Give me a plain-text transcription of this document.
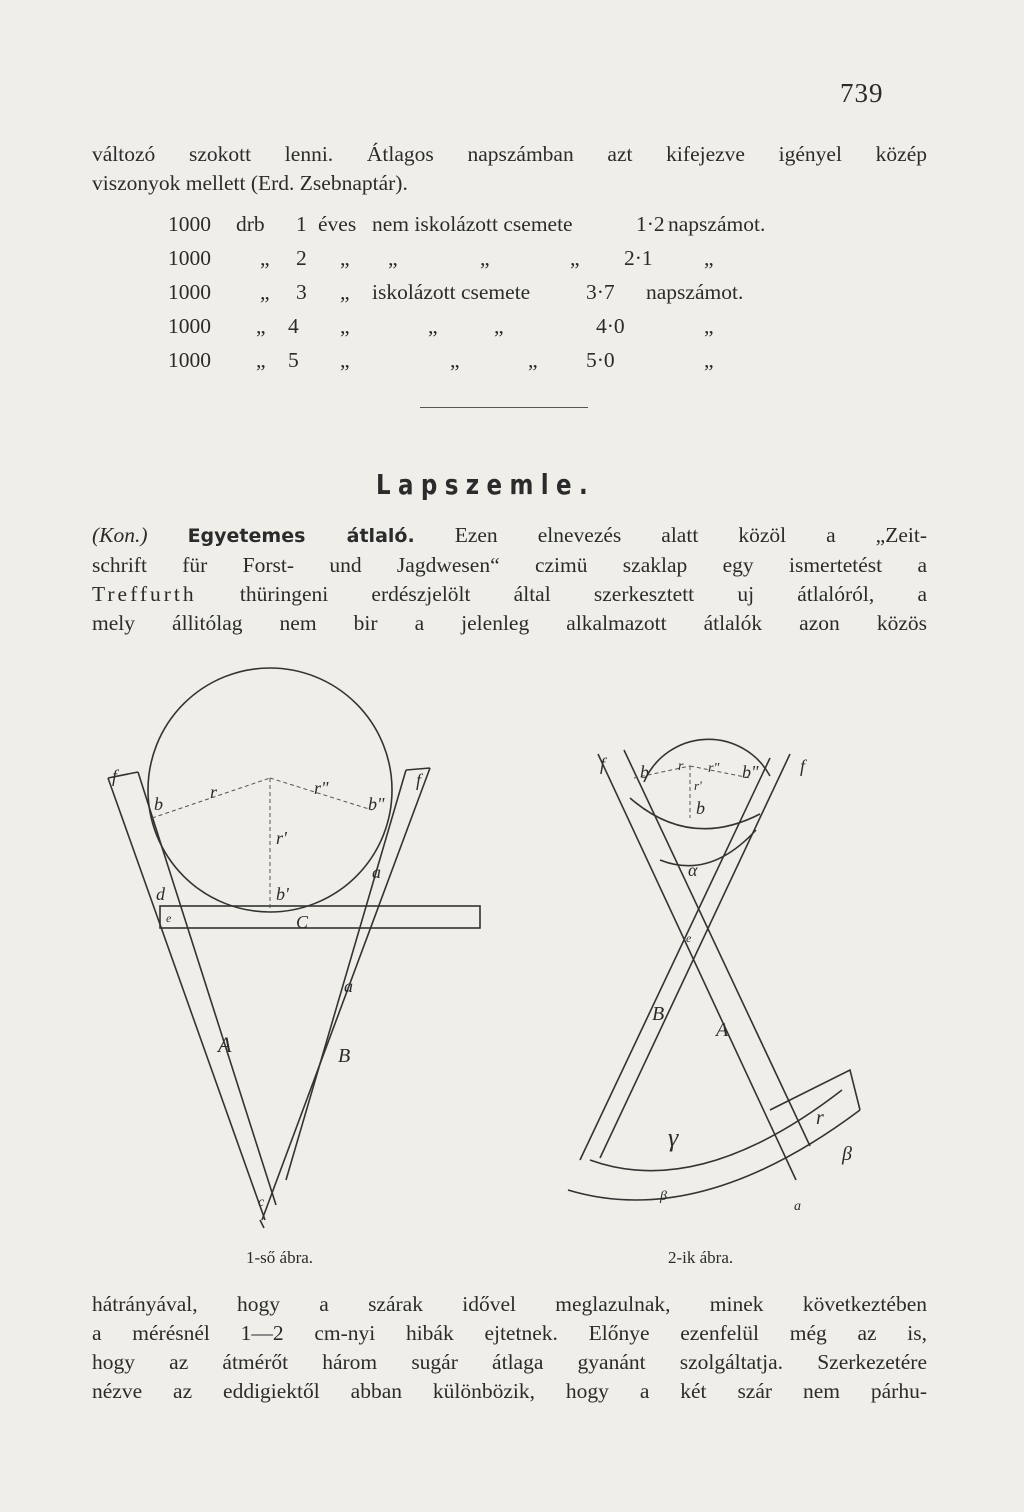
739
változó szokott lenni. Átlagos napszámban azt kifejezve igényel közép
viszonyok mellett (Erd. Zsebnaptár).
1000 drb 1 éves nem iskolázott csemete	1·2 napszámot.
1000 „ 2 „ „	„	„ 2·1 „
1000 „ 3 „ iskolázott csemete	3·7 napszámot.
1000 „ 4 „	„	„	4·0	„
1000 „ 5 „	„	„ 5·0	„
Lapszemle.
(Kon.) Egyetemes átlaló. Ezen elnevezés alatt közöl a „Zeit-
schrift für Forst- und Jagdwesen“ czimü szaklap egy ismertetést a
Treffurth thüringeni erdészjelölt által szerkesztett uj átlalóról, a
mely állitólag nem bir a jelenleg alkalmazott átlalók azon közös
f	f
b
r	r"
b"
r'
b'
a
d
e	C
a
A	B
c
1-ső ábra.
f	f
b r r" b"
r'
b
α
e
B
A
γ
β
β
r
a
2-ik ábra.
hátrányával, hogy a szárak idővel meglazulnak, minek következtében
a mérésnél 1—2 cm-nyi hibák ejtetnek. Előnye ezenfelül még az is,
hogy az átmérőt három sugár átlaga gyanánt szolgáltatja. Szerkezetére
nézve az eddigiektől abban különbözik, hogy a két szár nem párhu-
